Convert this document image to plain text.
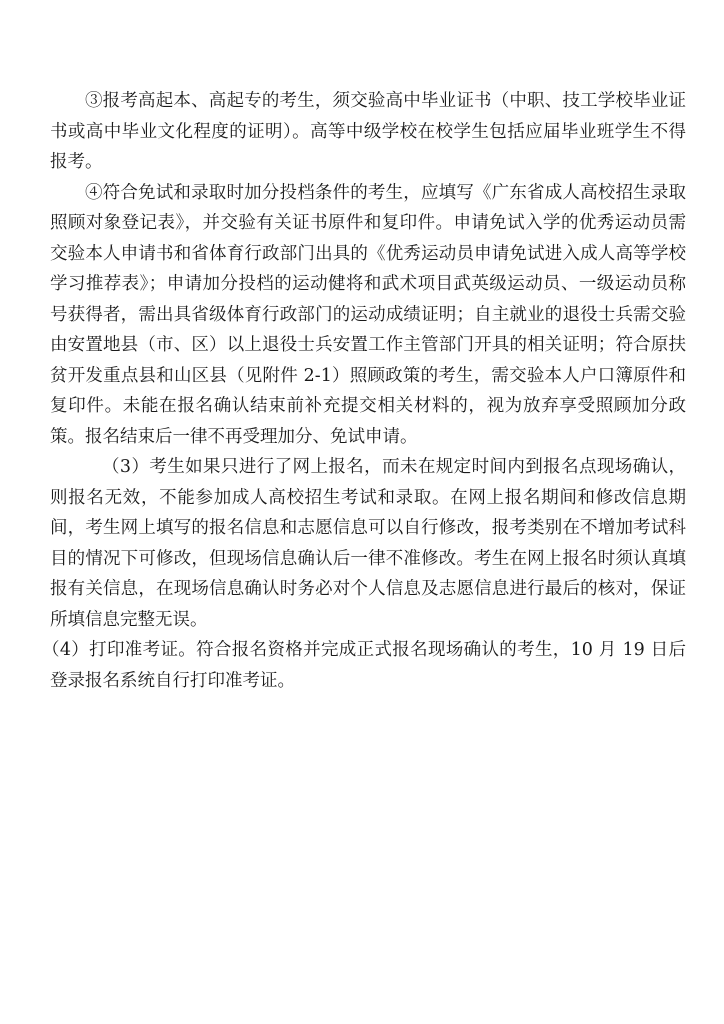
③报考高起本、高起专的考生，须交验高中毕业证书（中职、技工学校毕业证书或高中毕业文化程度的证明）。高等中级学校在校学生包括应届毕业班学生不得报考。

④符合免试和录取时加分投档条件的考生，应填写《广东省成人高校招生录取照顾对象登记表》，并交验有关证书原件和复印件。申请免试入学的优秀运动员需交验本人申请书和省体育行政部门出具的《优秀运动员申请免试进入成人高等学校学习推荐表》；申请加分投档的运动健将和武术项目武英级运动员、一级运动员称号获得者，需出具省级体育行政部门的运动成绩证明；自主就业的退役士兵需交验由安置地县（市、区）以上退役士兵安置工作主管部门开具的相关证明；符合原扶贫开发重点县和山区县（见附件 2-1）照顾政策的考生，需交验本人户口簿原件和复印件。未能在报名确认结束前补充提交相关材料的，视为放弃享受照顾加分政策。报名结束后一律不再受理加分、免试申请。

（3）考生如果只进行了网上报名，而未在规定时间内到报名点现场确认，则报名无效，不能参加成人高校招生考试和录取。在网上报名期间和修改信息期间，考生网上填写的报名信息和志愿信息可以自行修改，报考类别在不增加考试科目的情况下可修改，但现场信息确认后一律不准修改。考生在网上报名时须认真填报有关信息，在现场信息确认时务必对个人信息及志愿信息进行最后的核对，保证所填信息完整无误。

（4）打印准考证。符合报名资格并完成正式报名现场确认的考生，10 月 19 日后登录报名系统自行打印准考证。
